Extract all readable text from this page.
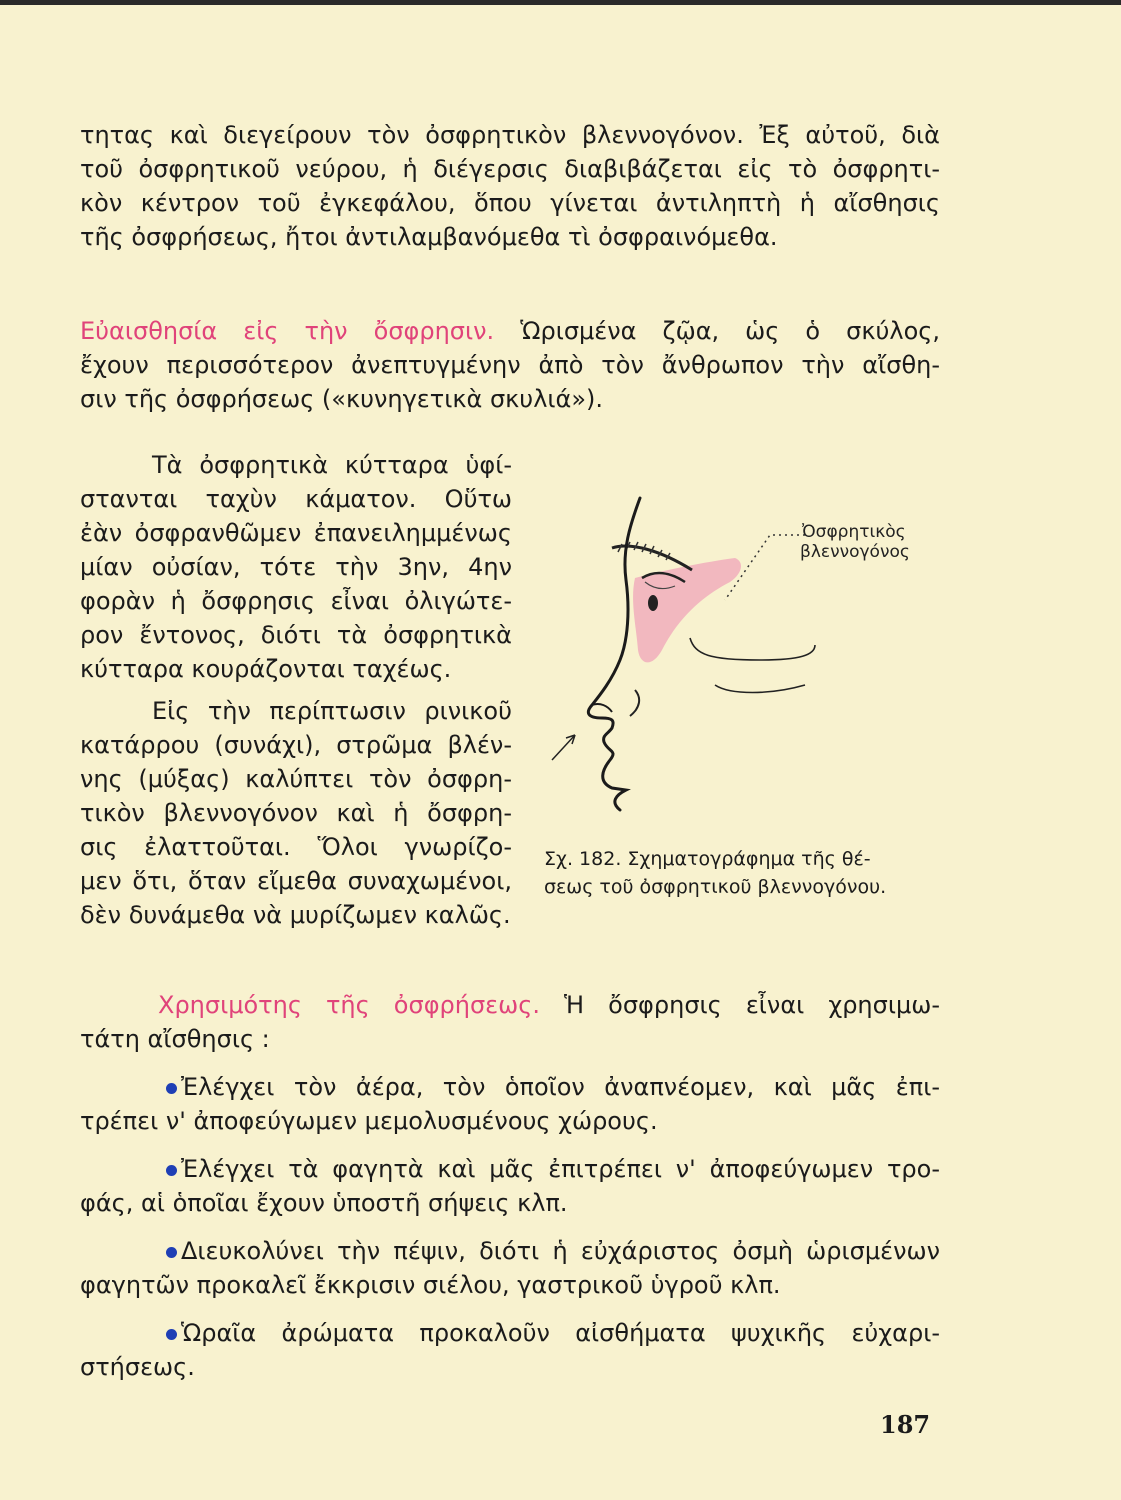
τητας καὶ διεγείρουν τὸν ὀσφρητικὸν βλεννογόνον. Ἐξ αὐτοῦ, διὰ
τοῦ ὀσφρητικοῦ νεύρου, ἡ διέγερσις διαβιβάζεται εἰς τὸ ὀσφρητι-
κὸν κέντρον τοῦ ἐγκεφάλου, ὅπου γίνεται ἀντιληπτὴ ἡ αἴσθησις
τῆς ὀσφρήσεως, ἤτοι ἀντιλαμβανόμεθα τὶ ὀσφραινόμεθα.
Εὐαισθησία εἰς τὴν ὄσφρησιν. Ὡρισμένα ζῷα, ὡς ὁ σκύλος,
ἔχουν περισσότερον ἀνεπτυγμένην ἀπὸ τὸν ἄνθρωπον τὴν αἴσθη-
σιν τῆς ὀσφρήσεως («κυνηγετικὰ σκυλιά»).
Τὰ ὀσφρητικὰ κύτταρα ὑφί-
στανται ταχὺν κάματον. Οὕτω
ἐὰν ὀσφρανθῶμεν ἐπανειλημμένως
μίαν οὐσίαν, τότε τὴν 3ην, 4ην
φορὰν ἡ ὄσφρησις εἶναι ὀλιγώτε-
ρον ἔντονος, διότι τὰ ὀσφρητικὰ
κύτταρα κουράζονται ταχέως.
Εἰς τὴν περίπτωσιν ρινικοῦ
κατάρρου (συνάχι), στρῶμα βλέν-
νης (μύξας) καλύπτει τὸν ὀσφρη-
τικὸν βλεννογόνον καὶ ἡ ὄσφρη-
σις ἐλαττοῦται. Ὅλοι γνωρίζο-
μεν ὅτι, ὅταν εἴμεθα συναχωμένοι,
δὲν δυνάμεθα νὰ μυρίζωμεν καλῶς.
Ὀσφρητικὸς
βλεννογόνος
Σχ. 182. Σχηματογράφημα τῆς θέ-
σεως τοῦ ὀσφρητικοῦ βλεννογόνου.
Χρησιμότης τῆς ὀσφρήσεως. Ἡ ὄσφρησις εἶναι χρησιμω-
τάτη αἴσθησις :
Ἐλέγχει τὸν ἀέρα, τὸν ὁποῖον ἀναπνέομεν, καὶ μᾶς ἐπι-
τρέπει ν' ἀποφεύγωμεν μεμολυσμένους χώρους.
Ἐλέγχει τὰ φαγητὰ καὶ μᾶς ἐπιτρέπει ν' ἀποφεύγωμεν τρο-
φάς, αἱ ὁποῖαι ἔχουν ὑποστῆ σήψεις κλπ.
Διευκολύνει τὴν πέψιν, διότι ἡ εὐχάριστος ὀσμὴ ὡρισμένων
φαγητῶν προκαλεῖ ἔκκρισιν σιέλου, γαστρικοῦ ὑγροῦ κλπ.
Ὡραῖα ἀρώματα προκαλοῦν αἰσθήματα ψυχικῆς εὐχαρι-
στήσεως.
187
